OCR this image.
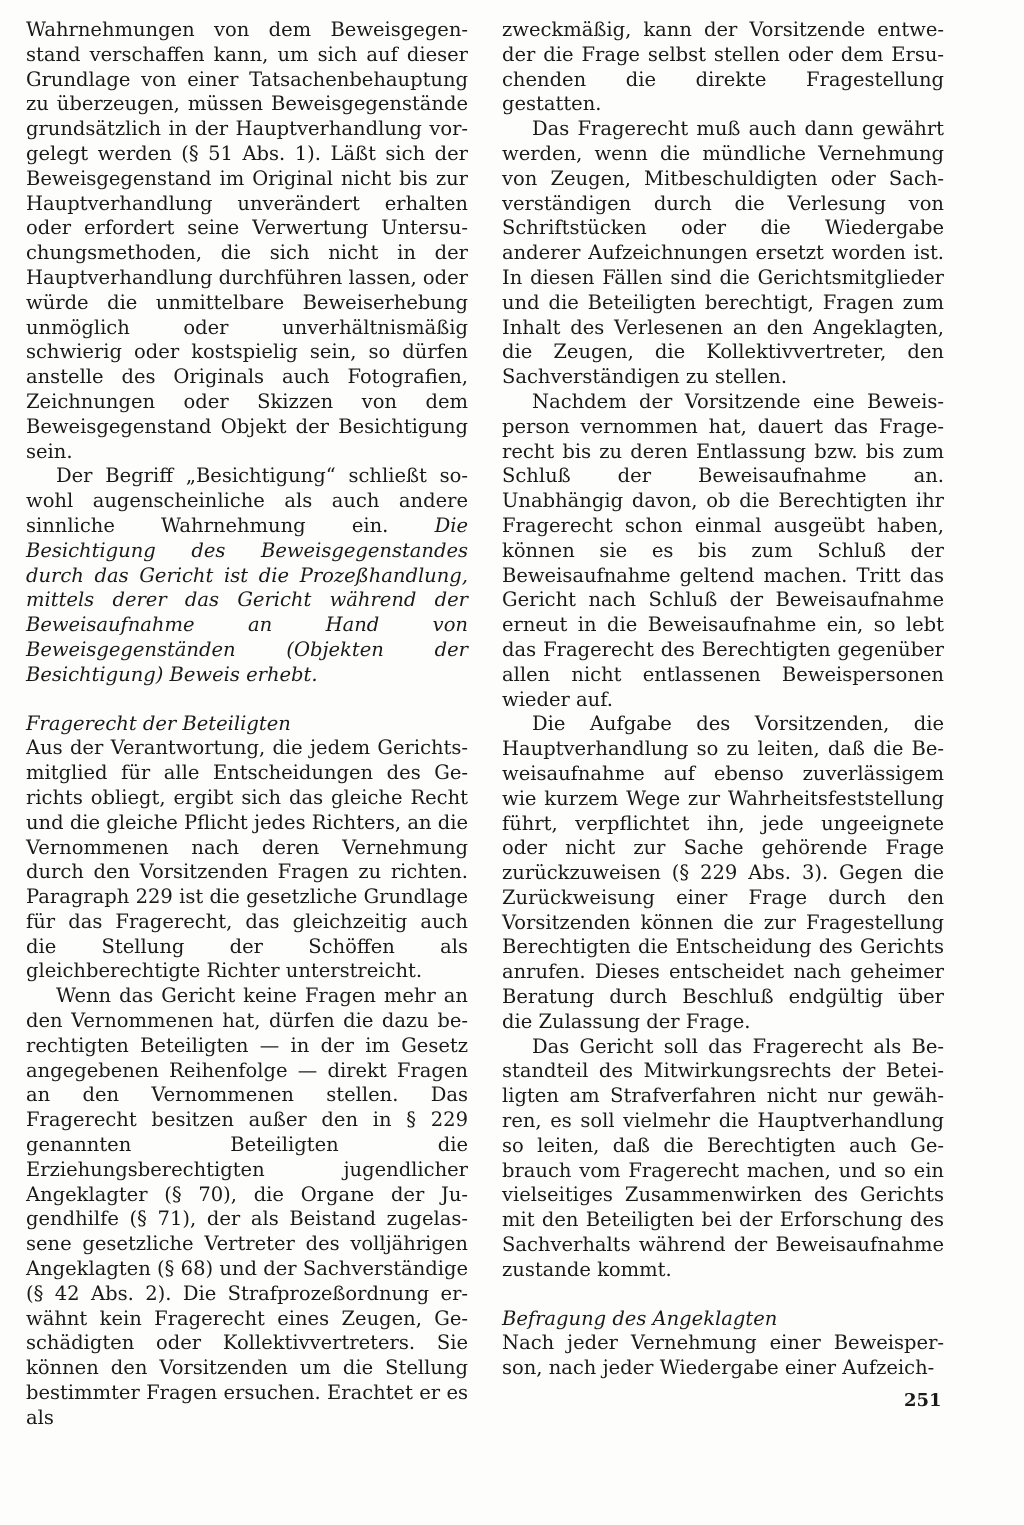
Wahrnehmungen von dem Beweisgegenstand verschaffen kann, um sich auf dieser Grundlage von einer Tatsachenbehauptung zu überzeugen, müssen Beweisgegenstände grundsätzlich in der Hauptverhandlung vorgelegt werden (§ 51 Abs. 1). Läßt sich der Beweisgegenstand im Original nicht bis zur Hauptverhandlung unverändert erhalten oder erfordert seine Verwertung Untersuchungsmethoden, die sich nicht in der Hauptverhandlung durchführen lassen, oder würde die unmittelbare Beweiserhebung unmöglich oder unverhältnismäßig schwierig oder kostspielig sein, so dürfen anstelle des Originals auch Fotografien, Zeichnungen oder Skizzen von dem Beweisgegenstand Objekt der Besichtigung sein.

Der Begriff „Besichtigung“ schließt sowohl augenscheinliche als auch andere sinnliche Wahrnehmung ein. Die Besichtigung des Beweisgegenstandes durch das Gericht ist die Prozeßhandlung, mittels derer das Gericht während der Beweisaufnahme an Hand von Beweisgegenständen (Objekten der Besichtigung) Beweis erhebt.

Fragerecht der Beteiligten

Aus der Verantwortung, die jedem Gerichtsmitglied für alle Entscheidungen des Gerichts obliegt, ergibt sich das gleiche Recht und die gleiche Pflicht jedes Richters, an die Vernommenen nach deren Vernehmung durch den Vorsitzenden Fragen zu richten. Paragraph 229 ist die gesetzliche Grundlage für das Fragerecht, das gleichzeitig auch die Stellung der Schöffen als gleichberechtigte Richter unterstreicht.

Wenn das Gericht keine Fragen mehr an den Vernommenen hat, dürfen die dazu berechtigten Beteiligten — in der im Gesetz angegebenen Reihenfolge — direkt Fragen an den Vernommenen stellen. Das Fragerecht besitzen außer den in § 229 genannten Beteiligten die Erziehungsberechtigten jugendlicher Angeklagter (§ 70), die Organe der Jugendhilfe (§ 71), der als Beistand zugelassene gesetzliche Vertreter des volljährigen Angeklagten (§ 68) und der Sachverständige (§ 42 Abs. 2). Die Strafprozeßordnung erwähnt kein Fragerecht eines Zeugen, Geschädigten oder Kollektivvertreters. Sie können den Vorsitzenden um die Stellung bestimmter Fragen ersuchen. Erachtet er es als

zweckmäßig, kann der Vorsitzende entweder die Frage selbst stellen oder dem Ersuchenden die direkte Fragestellung gestatten.

Das Fragerecht muß auch dann gewährt werden, wenn die mündliche Vernehmung von Zeugen, Mitbeschuldigten oder Sachverständigen durch die Verlesung von Schriftstücken oder die Wiedergabe anderer Aufzeichnungen ersetzt worden ist. In diesen Fällen sind die Gerichtsmitglieder und die Beteiligten berechtigt, Fragen zum Inhalt des Verlesenen an den Angeklagten, die Zeugen, die Kollektivvertreter, den Sachverständigen zu stellen.

Nachdem der Vorsitzende eine Beweisperson vernommen hat, dauert das Fragerecht bis zu deren Entlassung bzw. bis zum Schluß der Beweisaufnahme an. Unabhängig davon, ob die Berechtigten ihr Fragerecht schon einmal ausgeübt haben, können sie es bis zum Schluß der Beweisaufnahme geltend machen. Tritt das Gericht nach Schluß der Beweisaufnahme erneut in die Beweisaufnahme ein, so lebt das Fragerecht des Berechtigten gegenüber allen nicht entlassenen Beweispersonen wieder auf.

Die Aufgabe des Vorsitzenden, die Hauptverhandlung so zu leiten, daß die Beweisaufnahme auf ebenso zuverlässigem wie kurzem Wege zur Wahrheitsfeststellung führt, verpflichtet ihn, jede ungeeignete oder nicht zur Sache gehörende Frage zurückzuweisen (§ 229 Abs. 3). Gegen die Zurückweisung einer Frage durch den Vorsitzenden können die zur Fragestellung Berechtigten die Entscheidung des Gerichts anrufen. Dieses entscheidet nach geheimer Beratung durch Beschluß endgültig über die Zulassung der Frage.

Das Gericht soll das Fragerecht als Bestandteil des Mitwirkungsrechts der Beteiligten am Strafverfahren nicht nur gewähren, es soll vielmehr die Hauptverhandlung so leiten, daß die Berechtigten auch Gebrauch vom Fragerecht machen, und so ein vielseitiges Zusammenwirken des Gerichts mit den Beteiligten bei der Erforschung des Sachverhalts während der Beweisaufnahme zustande kommt.

Befragung des Angeklagten

Nach jeder Vernehmung einer Beweisperson, nach jeder Wiedergabe einer Aufzeich-

251
